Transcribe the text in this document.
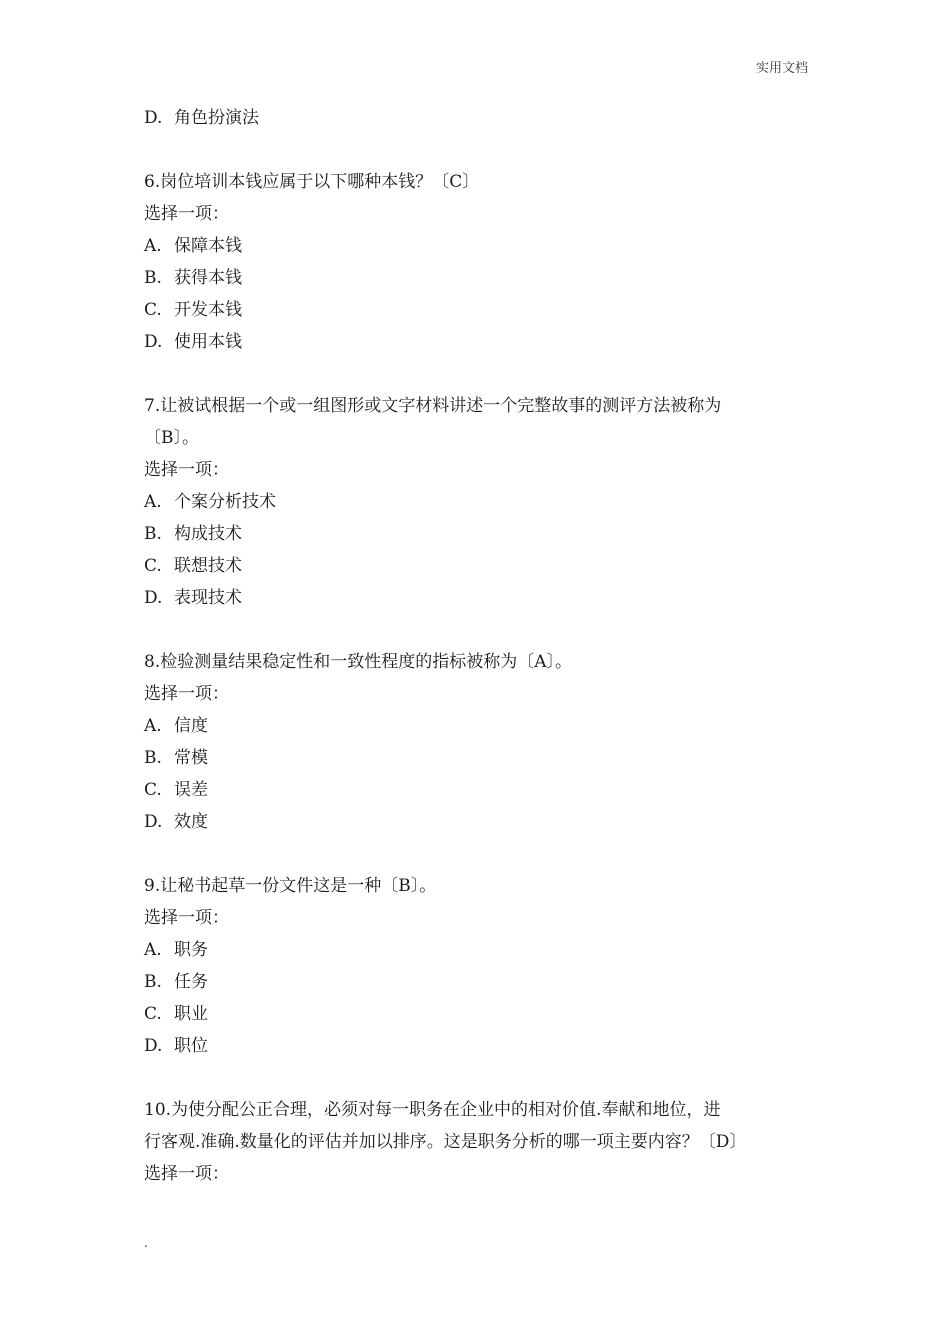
实用文档
D. 角色扮演法
6.岗位培训本钱应属于以下哪种本钱？〔C〕
选择一项：
A. 保障本钱
B. 获得本钱
C. 开发本钱
D. 使用本钱
7.让被试根据一个或一组图形或文字材料讲述一个完整故事的测评方法被称为
〔B〕。
选择一项：
A. 个案分析技术
B. 构成技术
C. 联想技术
D. 表现技术
8.检验测量结果稳定性和一致性程度的指标被称为〔A〕。
选择一项：
A. 信度
B. 常模
C. 误差
D. 效度
9.让秘书起草一份文件这是一种〔B〕。
选择一项：
A. 职务
B. 任务
C. 职业
D. 职位
10.为使分配公正合理，必须对每一职务在企业中的相对价值.奉献和地位，进
行客观.准确.数量化的评估并加以排序。这是职务分析的哪一项主要内容？〔D〕
选择一项：
.
